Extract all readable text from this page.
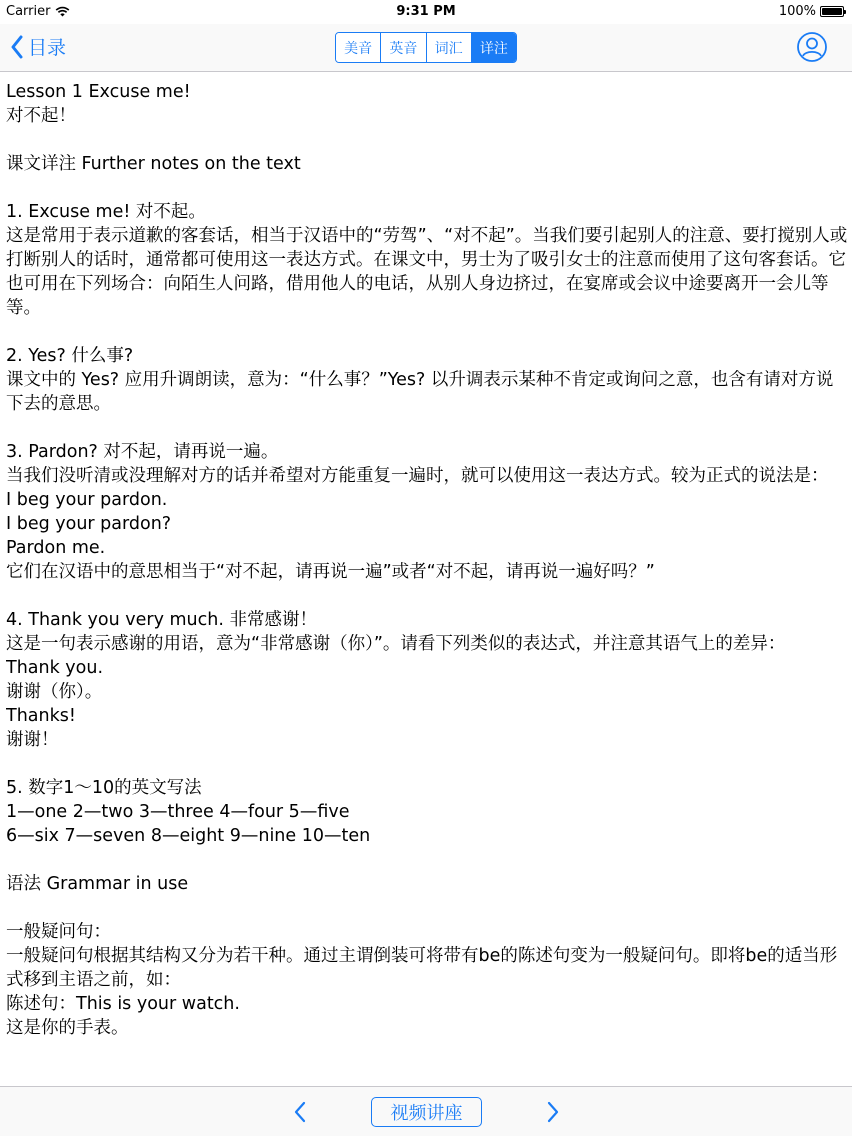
Carrier	9:31 PM	100%
目录	美音	英音	词汇	详注

Lesson 1 Excuse me!

对不起！

课文详注 Further notes on the text

1. Excuse me! 对不起。

这是常用于表示道歉的客套话，相当于汉语中的“劳驾”、“对不起”。当我们要引起别人的注意、要打搅别人或打断别人的话时，通常都可使用这一表达方式。在课文中，男士为了吸引女士的注意而使用了这句客套话。它也可用在下列场合：向陌生人问路，借用他人的电话，从别人身边挤过，在宴席或会议中途要离开一会儿等等。

2. Yes? 什么事?

课文中的 Yes? 应用升调朗读，意为：“什么事？”Yes? 以升调表示某种不肯定或询问之意，也含有请对方说下去的意思。

3. Pardon? 对不起，请再说一遍。

当我们没听清或没理解对方的话并希望对方能重复一遍时，就可以使用这一表达方式。较为正式的说法是：

I beg your pardon.

I beg your pardon?

Pardon me.

它们在汉语中的意思相当于“对不起，请再说一遍”或者“对不起，请再说一遍好吗？”

4. Thank you very much. 非常感谢！

这是一句表示感谢的用语，意为“非常感谢（你）”。请看下列类似的表达式，并注意其语气上的差异：

Thank you.

谢谢（你）。

Thanks!

谢谢！

5. 数字1～10的英文写法

1—one 2—two 3—three 4—four 5—five

6—six 7—seven 8—eight 9—nine 10—ten

语法 Grammar in use

一般疑问句：

一般疑问句根据其结构又分为若干种。通过主谓倒装可将带有be的陈述句变为一般疑问句。即将be的适当形式移到主语之前，如：

陈述句：This is your watch.

这是你的手表。

视频讲座
